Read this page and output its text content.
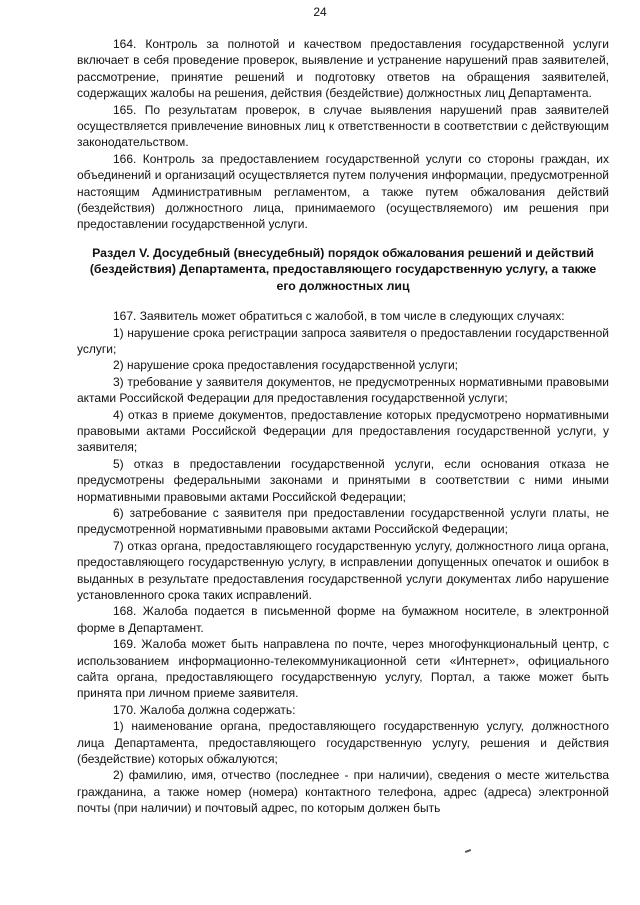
24

164. Контроль за полнотой и качеством предоставления государственной услуги включает в себя проведение проверок, выявление и устранение нарушений прав заявителей, рассмотрение, принятие решений и подготовку ответов на обращения заявителей, содержащих жалобы на решения, действия (бездействие) должностных лиц Департамента.

165. По результатам проверок, в случае выявления нарушений прав заявителей осуществляется привлечение виновных лиц к ответственности в соответствии с действующим законодательством.

166. Контроль за предоставлением государственной услуги со стороны граждан, их объединений и организаций осуществляется путем получения информации, предусмотренной настоящим Административным регламентом, а также путем обжалования действий (бездействия) должностного лица, принимаемого (осуществляемого) им решения при предоставлении государственной услуги.

Раздел V. Досудебный (внесудебный) порядок обжалования решений и действий (бездействия) Департамента, предоставляющего государственную услугу, а также его должностных лиц

167. Заявитель может обратиться с жалобой, в том числе в следующих случаях:

1) нарушение срока регистрации запроса заявителя о предоставлении государственной услуги;

2) нарушение срока предоставления государственной услуги;

3) требование у заявителя документов, не предусмотренных нормативными правовыми актами Российской Федерации для предоставления государственной услуги;

4) отказ в приеме документов, предоставление которых предусмотрено нормативными правовыми актами Российской Федерации для предоставления государственной услуги, у заявителя;

5) отказ в предоставлении государственной услуги, если основания отказа не предусмотрены федеральными законами и принятыми в соответствии с ними иными нормативными правовыми актами Российской Федерации;

6) затребование с заявителя при предоставлении государственной услуги платы, не предусмотренной нормативными правовыми актами Российской Федерации;

7) отказ органа, предоставляющего государственную услугу, должностного лица органа, предоставляющего государственную услугу, в исправлении допущенных опечаток и ошибок в выданных в результате предоставления государственной услуги документах либо нарушение установленного срока таких исправлений.

168. Жалоба подается в письменной форме на бумажном носителе, в электронной форме в Департамент.

169. Жалоба может быть направлена по почте, через многофункциональный центр, с использованием информационно-телекоммуникационной сети «Интернет», официального сайта органа, предоставляющего государственную услугу, Портал, а также может быть принята при личном приеме заявителя.

170. Жалоба должна содержать:

1) наименование органа, предоставляющего государственную услугу, должностного лица Департамента, предоставляющего государственную услугу, решения и действия (бездействие) которых обжалуются;

2) фамилию, имя, отчество (последнее - при наличии), сведения о месте жительства гражданина, а также номер (номера) контактного телефона, адрес (адреса) электронной почты (при наличии) и почтовый адрес, по которым должен быть
